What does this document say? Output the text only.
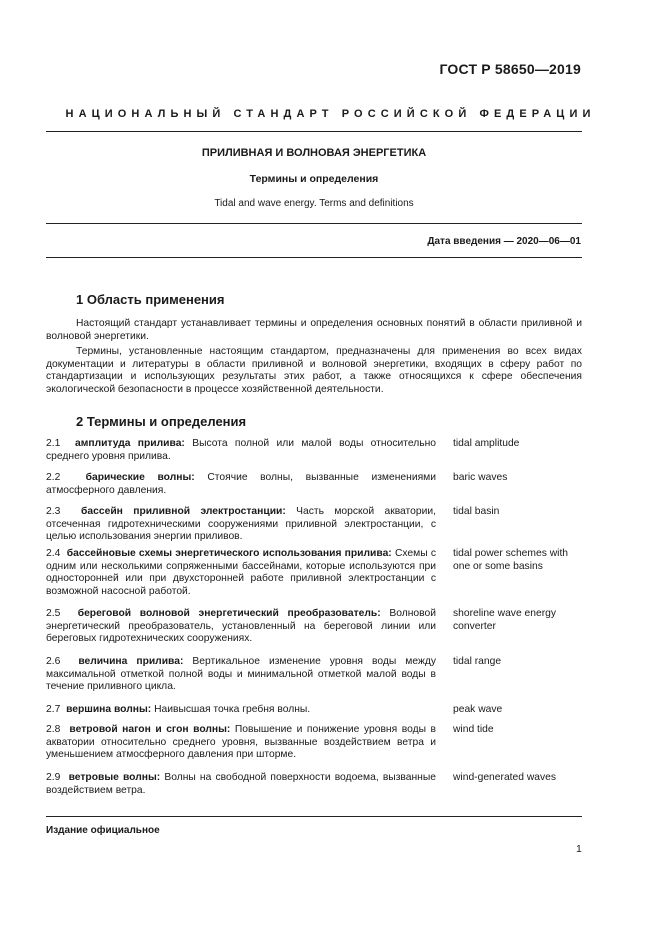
ГОСТ Р 58650—2019
НАЦИОНАЛЬНЫЙ СТАНДАРТ РОССИЙСКОЙ ФЕДЕРАЦИИ
ПРИЛИВНАЯ И ВОЛНОВАЯ ЭНЕРГЕТИКА
Термины и определения
Tidal and wave energy. Terms and definitions
Дата введения — 2020—06—01
1 Область применения
Настоящий стандарт устанавливает термины и определения основных понятий в области приливной и волновой энергетики.
Термины, установленные настоящим стандартом, предназначены для применения во всех видах документации и литературы в области приливной и волновой энергетики, входящих в сферу работ по стандартизации и использующих результаты этих работ, а также относящихся к сфере обеспечения экологической безопасности в процессе хозяйственной деятельности.
2 Термины и определения
2.1 амплитуда прилива: Высота полной или малой воды относительно среднего уровня прилива.
tidal amplitude
2.2 барические волны: Стоячие волны, вызванные изменениями атмосферного давления.
baric waves
2.3 бассейн приливной электростанции: Часть морской акватории, отсеченная гидротехническими сооружениями приливной электростанции, с целью использования энергии приливов.
tidal basin
2.4 бассейновые схемы энергетического использования прилива: Схемы с одним или несколькими сопряженными бассейнами, которые используются при односторонней или при двухсторонней работе приливной электростанции с возможной насосной работой.
tidal power schemes with one or some basins
2.5 береговой волновой энергетический преобразователь: Волновой энергетический преобразователь, установленный на береговой линии или береговых гидротехнических сооружениях.
shoreline wave energy converter
2.6 величина прилива: Вертикальное изменение уровня воды между максимальной отметкой полной воды и минимальной отметкой малой воды в течение приливного цикла.
tidal range
2.7 вершина волны: Наивысшая точка гребня волны.	peak wave
2.8 ветровой нагон и сгон волны: Повышение и понижение уровня воды в акватории относительно среднего уровня, вызванные воздействием ветра и уменьшением атмосферного давления при шторме.
wind tide
2.9 ветровые волны: Волны на свободной поверхности водоема, вызванные воздействием ветра.
wind-generated waves
Издание официальное
1
